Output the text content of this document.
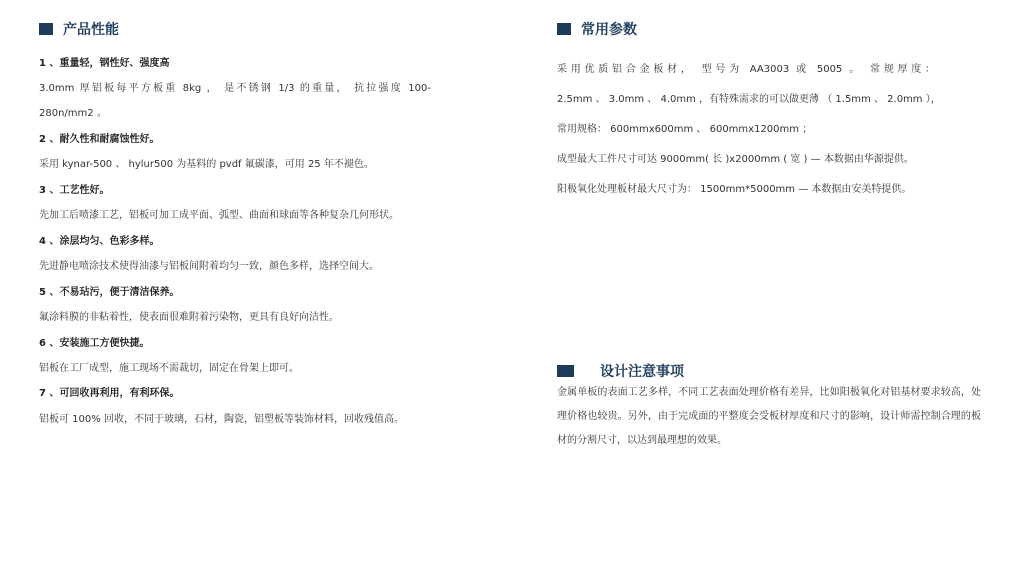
产品性能
1 、重量轻，钢性好、强度高
3.0mm 厚铝板每平方板重 8kg ， 是不锈钢 1/3 的重量， 抗拉强度 100-
280n/mm2 。
2 、耐久性和耐腐蚀性好。
采用 kynar-500 、 hylur500 为基料的 pvdf 氟碳漆，可用 25 年不褪色。
3 、工艺性好。
先加工后喷漆工艺，铝板可加工成平面、弧型、曲面和球面等各种复杂几何形状。
4 、涂层均匀、色彩多样。
先进静电喷涂技术使得油漆与铝板间附着均匀一致，颜色多样，选择空间大。
5 、不易玷污，便于清洁保养。
氟涂料膜的非粘着性，使表面很难附着污染物，更具有良好向洁性。
6 、安装施工方便快捷。
铝板在工厂成型，施工现场不需裁切，固定在骨架上即可。
7 、可回收再利用，有利环保。
铝板可 100% 回收，不同于玻璃，石材，陶瓷，铝塑板等装饰材料，回收残值高。
常用参数
采用优质铝合金板材， 型号为 AA3003 或 5005 。 常规厚度：
2.5mm 、 3.0mm 、 4.0mm ，有特殊需求的可以做更薄 （ 1.5mm 、 2.0mm ），
常用规格： 600mmx600mm 、 600mmx1200mm ；
成型最大工件尺寸可达 9000mm( 长 )x2000mm ( 宽 ) — 本数据由华源提供。
阳极氧化处理板材最大尺寸为： 1500mm*5000mm — 本数据由安美特提供。
设计注意事项
金属单板的表面工艺多样，不同工艺表面处理价格有差异，比如阳极氧化对铝基材要求较高，处
理价格也较贵。另外，由于完成面的平整度会受板材厚度和尺寸的影响，设计师需控制合理的板
材的分割尺寸，以达到最理想的效果。
